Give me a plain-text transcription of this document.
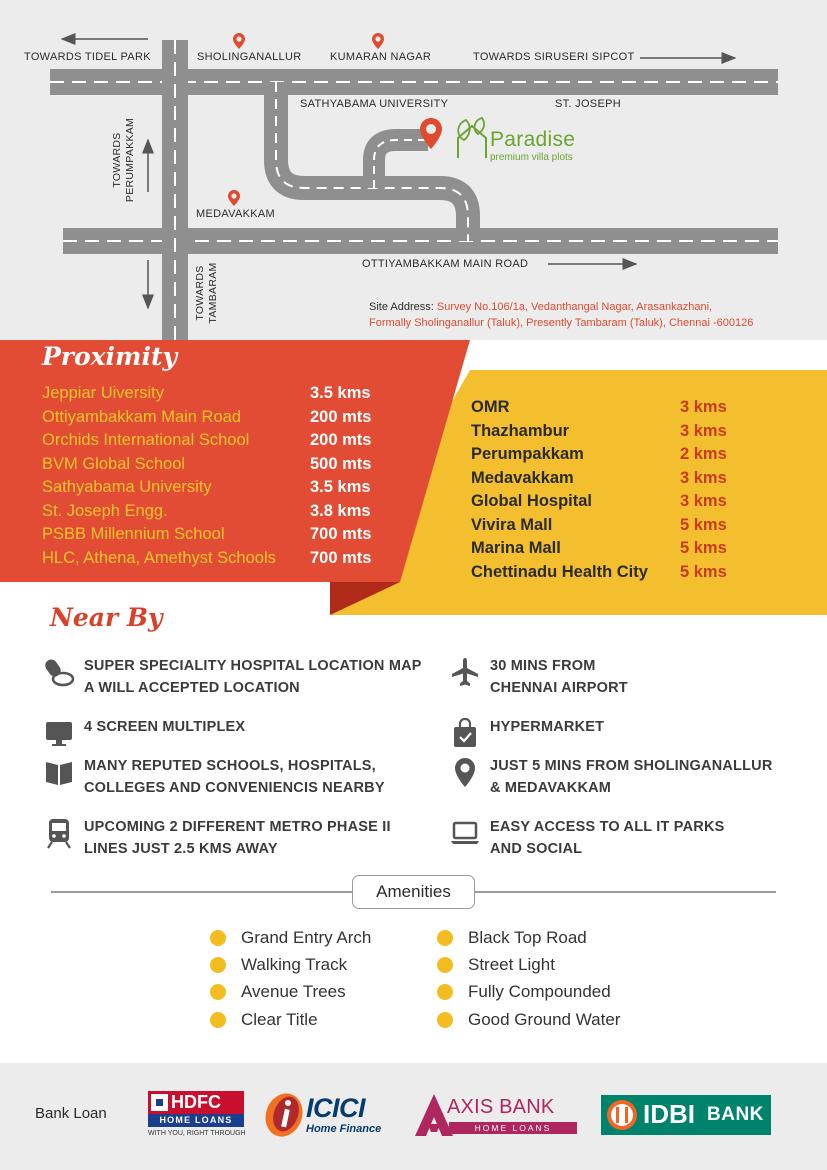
TOWARDS TIDEL PARK	SHOLINGANALLUR	KUMARAN NAGAR	TOWARDS SIRUSERI SIPCOT
SATHYABAMA UNIVERSITY	ST. JOSEPH
TOWARDS
PERUMPAKKAM
MEDAVAKKAM
TOWARDS
TAMBARAM	OTTIYAMBAKKAM MAIN ROAD
Paradise
premium villa plots
Site Address: Survey No.106/1a, Vedanthangal Nagar, Arasankazhani,
Formally Sholinganallur (Taluk), Presently Tambaram (Taluk), Chennai -600126
Proximity
Jeppiar Uiversity	3.5 kms
Ottiyambakkam Main Road	200 mts
Orchids International School	200 mts
BVM Global School	500 mts
Sathyabama University	3.5 kms
St. Joseph Engg.	3.8 kms
PSBB Millennium School	700 mts
HLC, Athena, Amethyst Schools	700 mts
OMR	3 kms
Thazhambur	3 kms
Perumpakkam	2 kms
Medavakkam	3 kms
Global Hospital	3 kms
Vivira Mall	5 kms
Marina Mall	5 kms
Chettinadu Health City	5 kms
Near By
SUPER SPECIALITY HOSPITAL LOCATION MAP
A WILL ACCEPTED LOCATION
30 MINS FROM
CHENNAI AIRPORT
4 SCREEN MULTIPLEX	HYPERMARKET
MANY REPUTED SCHOOLS, HOSPITALS,
COLLEGES AND CONVENIENCIS NEARBY
JUST 5 MINS FROM SHOLINGANALLUR
& MEDAVAKKAM
UPCOMING 2 DIFFERENT METRO PHASE II
LINES JUST 2.5 KMS AWAY
EASY ACCESS TO ALL IT PARKS
AND SOCIAL
Amenities
Grand Entry Arch
Walking Track
Avenue Trees
Clear Title
Black Top Road
Street Light
Fully Compounded
Good Ground Water
Bank Loan
HDFC
HOME LOANS
WITH YOU, RIGHT THROUGH
ICICI
Home Finance
AXIS BANK
HOME LOANS	IDBI BANK
